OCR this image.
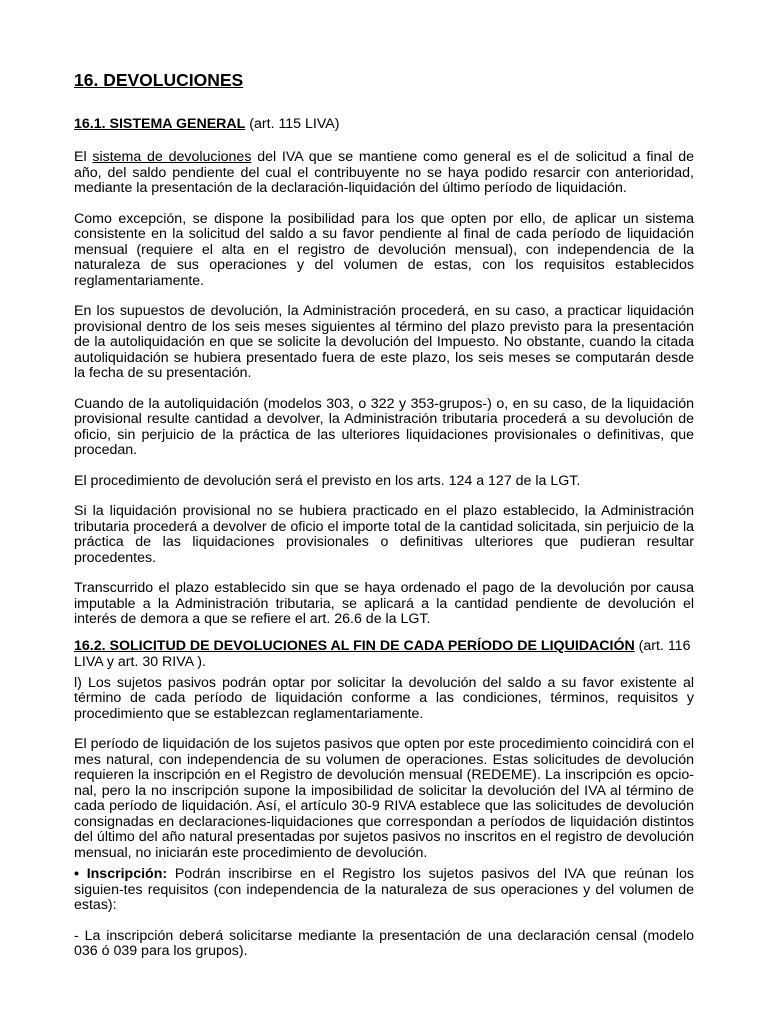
16. DEVOLUCIONES
16.1. SISTEMA GENERAL (art. 115 LIVA)

El sistema de devoluciones del IVA que se mantiene como general es el de solicitud a final de año, del saldo pendiente del cual el contribuyente no se haya podido resarcir con anterioridad, mediante la presentación de la declaración-liquidación del último período de liquidación.

Como excepción, se dispone la posibilidad para los que opten por ello, de aplicar un sistema consistente en la solicitud del saldo a su favor pendiente al final de cada período de liquidación mensual (requiere el alta en el registro de devolución mensual), con independencia de la naturaleza de sus operaciones y del volumen de estas, con los requisitos establecidos reglamentariamente.

En los supuestos de devolución, la Administración procederá, en su caso, a practicar liquidación provisional dentro de los seis meses siguientes al término del plazo previsto para la presentación de la autoliquidación en que se solicite la devolución del Impuesto. No obstante, cuando la citada autoliquidación se hubiera presentado fuera de este plazo, los seis meses se computarán desde la fecha de su presentación.

Cuando de la autoliquidación (modelos 303, o 322 y 353-grupos-) o, en su caso, de la liquidación provisional resulte cantidad a devolver, la Administración tributaria procederá a su devolución de oficio, sin perjuicio de la práctica de las ulteriores liquidaciones provisionales o definitivas, que procedan.

El procedimiento de devolución será el previsto en los arts. 124 a 127 de la LGT.

Si la liquidación provisional no se hubiera practicado en el plazo establecido, la Administración tributaria procederá a devolver de oficio el importe total de la cantidad solicitada, sin perjuicio de la práctica de las liquidaciones provisionales o definitivas ulteriores que pudieran resultar procedentes.

Transcurrido el plazo establecido sin que se haya ordenado el pago de la devolución por causa imputable a la Administración tributaria, se aplicará a la cantidad pendiente de devolución el interés de demora a que se refiere el art. 26.6 de la LGT.

16.2. SOLICITUD DE DEVOLUCIONES AL FIN DE CADA PERÍODO DE LIQUIDACIÓN (art. 116 LIVA y art. 30 RIVA ).

l) Los sujetos pasivos podrán optar por solicitar la devolución del saldo a su favor existente al término de cada período de liquidación conforme a las condiciones, términos, requisitos y procedimiento que se establezcan reglamentariamente.

El período de liquidación de los sujetos pasivos que opten por este procedimiento coincidirá con el mes natural, con independencia de su volumen de operaciones. Estas solicitudes de devolución requieren la inscripción en el Registro de devolución mensual (REDEME). La inscripción es opcio-nal, pero la no inscripción supone la imposibilidad de solicitar la devolución del IVA al término de cada período de liquidación. Así, el artículo 30-9 RIVA establece que las solicitudes de devolución consignadas en declaraciones-liquidaciones que correspondan a períodos de liquidación distintos del último del año natural presentadas por sujetos pasivos no inscritos en el registro de devolución mensual, no iniciarán este procedimiento de devolución.

• Inscripción: Podrán inscribirse en el Registro los sujetos pasivos del IVA que reúnan los siguien-tes requisitos (con independencia de la naturaleza de sus operaciones y del volumen de estas):

- La inscripción deberá solicitarse mediante la presentación de una declaración censal (modelo 036 ó 039 para los grupos).
